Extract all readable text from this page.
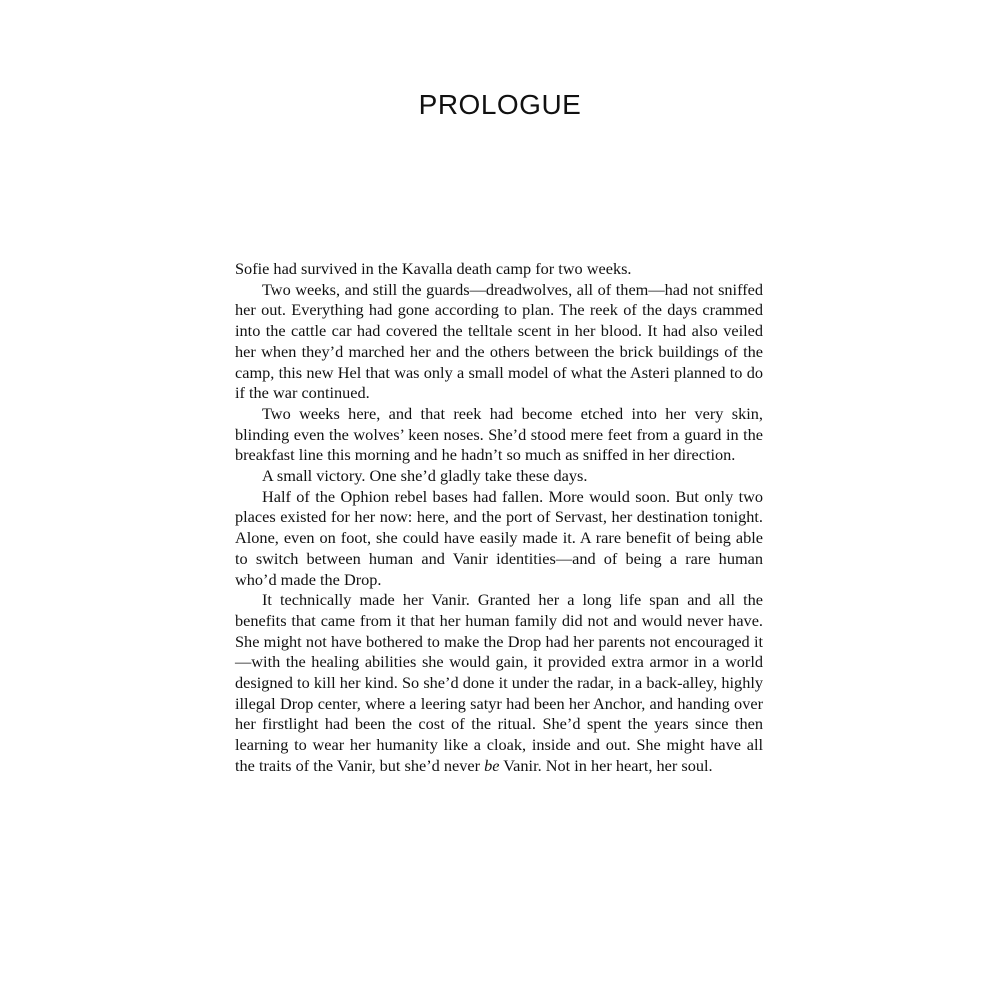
PROLOGUE

Sofie had survived in the Kavalla death camp for two weeks.

Two weeks, and still the guards—dreadwolves, all of them—had not sniffed her out. Everything had gone according to plan. The reek of the days crammed into the cattle car had covered the telltale scent in her blood. It had also veiled her when they’d marched her and the others between the brick buildings of the camp, this new Hel that was only a small model of what the Asteri planned to do if the war continued.

Two weeks here, and that reek had become etched into her very skin, blinding even the wolves’ keen noses. She’d stood mere feet from a guard in the breakfast line this morning and he hadn’t so much as sniffed in her direction.

A small victory. One she’d gladly take these days.

Half of the Ophion rebel bases had fallen. More would soon. But only two places existed for her now: here, and the port of Servast, her destination tonight. Alone, even on foot, she could have easily made it. A rare benefit of being able to switch between human and Vanir identities—and of being a rare human who’d made the Drop.

It technically made her Vanir. Granted her a long life span and all the benefits that came from it that her human family did not and would never have. She might not have bothered to make the Drop had her parents not encouraged it—with the healing abilities she would gain, it provided extra armor in a world designed to kill her kind. So she’d done it under the radar, in a back-alley, highly illegal Drop center, where a leering satyr had been her Anchor, and handing over her firstlight had been the cost of the ritual. She’d spent the years since then learning to wear her humanity like a cloak, inside and out. She might have all the traits of the Vanir, but she’d never be Vanir. Not in her heart, her soul.
